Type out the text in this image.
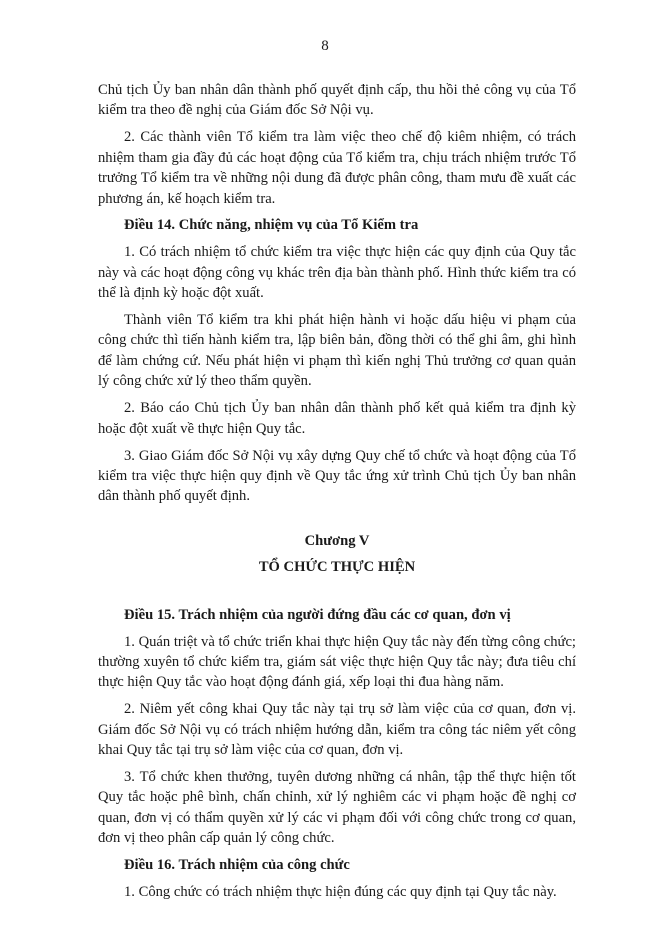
8

Chủ tịch Ủy ban nhân dân thành phố quyết định cấp, thu hồi thẻ công vụ của Tổ kiểm tra theo đề nghị của Giám đốc Sở Nội vụ.

2. Các thành viên Tổ kiểm tra làm việc theo chế độ kiêm nhiệm, có trách nhiệm tham gia đầy đủ các hoạt động của Tổ kiểm tra, chịu trách nhiệm trước Tổ trưởng Tổ kiểm tra về những nội dung đã được phân công, tham mưu đề xuất các phương án, kế hoạch kiểm tra.

Điều 14. Chức năng, nhiệm vụ của Tổ Kiểm tra

1. Có trách nhiệm tổ chức kiểm tra việc thực hiện các quy định của Quy tắc này và các hoạt động công vụ khác trên địa bàn thành phố. Hình thức kiểm tra có thể là định kỳ hoặc đột xuất.

Thành viên Tổ kiểm tra khi phát hiện hành vi hoặc dấu hiệu vi phạm của công chức thì tiến hành kiểm tra, lập biên bản, đồng thời có thể ghi âm, ghi hình để làm chứng cứ. Nếu phát hiện vi phạm thì kiến nghị Thủ trưởng cơ quan quản lý công chức xử lý theo thẩm quyền.

2. Báo cáo Chủ tịch Ủy ban nhân dân thành phố kết quả kiểm tra định kỳ hoặc đột xuất về thực hiện Quy tắc.

3. Giao Giám đốc Sở Nội vụ xây dựng Quy chế tổ chức và hoạt động của Tổ kiểm tra việc thực hiện quy định về Quy tắc ứng xử trình Chủ tịch Ủy ban nhân dân thành phố quyết định.

Chương V
TỔ CHỨC THỰC HIỆN
Điều 15. Trách nhiệm của người đứng đầu các cơ quan, đơn vị

1. Quán triệt và tổ chức triển khai thực hiện Quy tắc này đến từng công chức; thường xuyên tổ chức kiểm tra, giám sát việc thực hiện Quy tắc này; đưa tiêu chí thực hiện Quy tắc vào hoạt động đánh giá, xếp loại thi đua hàng năm.

2. Niêm yết công khai Quy tắc này tại trụ sở làm việc của cơ quan, đơn vị. Giám đốc Sở Nội vụ có trách nhiệm hướng dẫn, kiểm tra công tác niêm yết công khai Quy tắc tại trụ sở làm việc của cơ quan, đơn vị.

3. Tổ chức khen thưởng, tuyên dương những cá nhân, tập thể thực hiện tốt Quy tắc hoặc phê bình, chấn chỉnh, xử lý nghiêm các vi phạm hoặc đề nghị cơ quan, đơn vị có thẩm quyền xử lý các vi phạm đối với công chức trong cơ quan, đơn vị theo phân cấp quản lý công chức.

Điều 16. Trách nhiệm của công chức

1. Công chức có trách nhiệm thực hiện đúng các quy định tại Quy tắc này.
